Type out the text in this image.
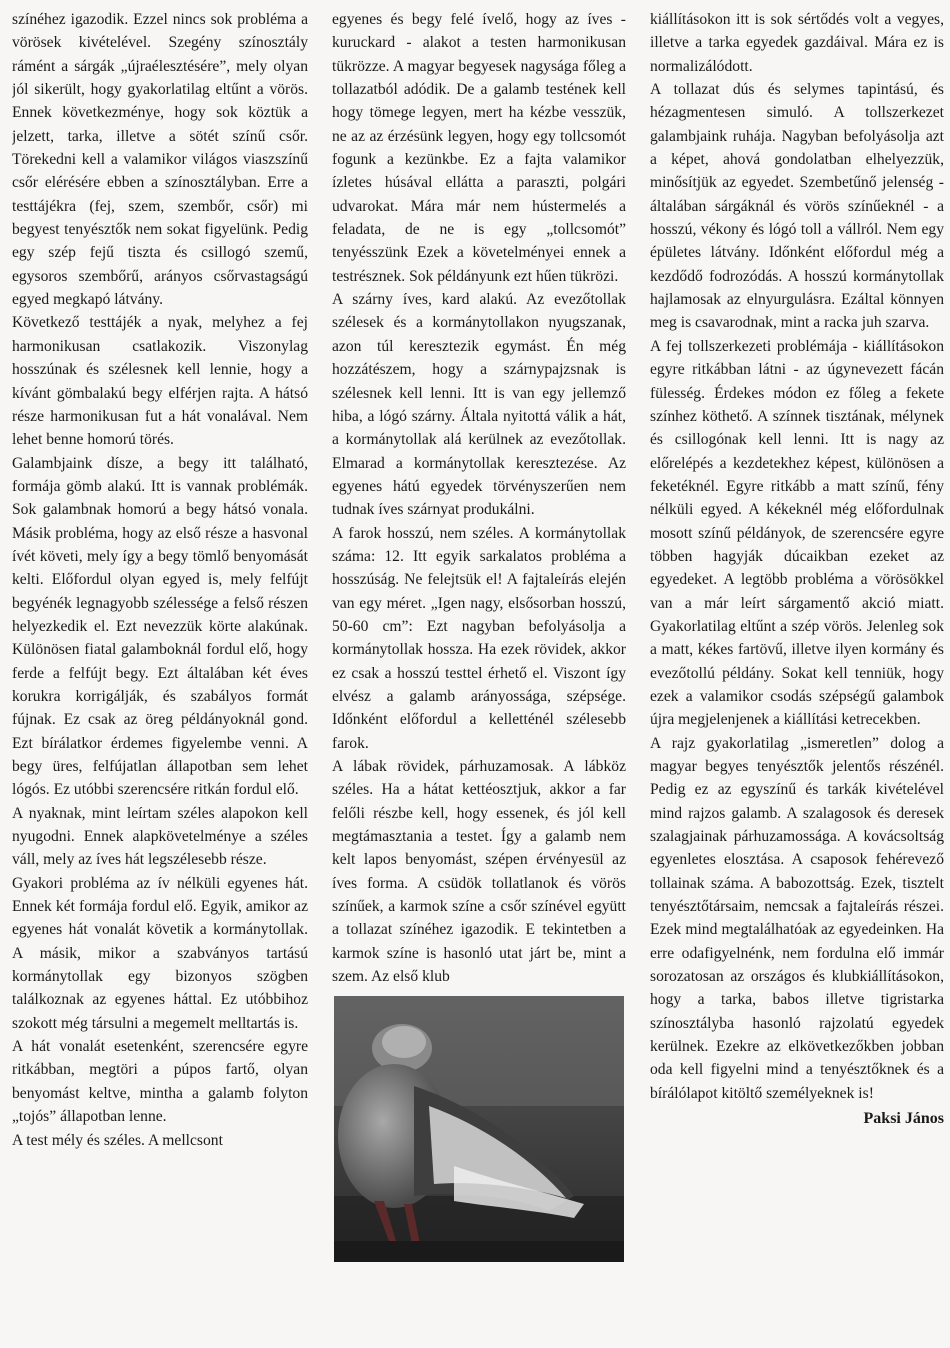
színéhez igazodik. Ezzel nincs sok probléma a vörösek kivételével. Szegény színosztály rámént a sárgák „újraélesztésére”, mely olyan jól sikerült, hogy gyakorlatilag eltűnt a vörös. Ennek következménye, hogy sok köztük a jelzett, tarka, illetve a sötét színű csőr. Törekedni kell a valamikor világos viaszszínű csőr elérésére ebben a színosztályban. Erre a testtájékra (fej, szem, szembőr, csőr) mi begyest tenyésztők nem sokat figyelünk. Pedig egy szép fejű tiszta és csillogó szemű, egysoros szembőrű, arányos csőrvastagságú egyed megkapó látvány.

Következő testtájék a nyak, melyhez a fej harmonikusan csatlakozik. Viszonylag hosszúnak és szélesnek kell lennie, hogy a kívánt gömbalakú begy elférjen rajta. A hátsó része harmonikusan fut a hát vonalával. Nem lehet benne homorú törés.

Galambjaink dísze, a begy itt található, formája gömb alakú. Itt is vannak problémák. Sok galambnak homorú a begy hátsó vonala. Másik probléma, hogy az első része a hasvonal ívét követi, mely így a begy tömlő benyomását kelti. Előfordul olyan egyed is, mely felfújt begyénék legnagyobb szélessége a felső részen helyezkedik el. Ezt nevezzük körte alakúnak. Különösen fiatal galamboknál fordul elő, hogy ferde a felfújt begy. Ezt általában két éves korukra korrigálják, és szabályos formát fújnak. Ez csak az öreg példányoknál gond. Ezt bírálatkor érdemes figyelembe venni. A begy üres, felfújatlan állapotban sem lehet lógós. Ez utóbbi szerencsére ritkán fordul elő.

A nyaknak, mint leírtam széles alapokon kell nyugodni. Ennek alapkövetelménye a széles váll, mely az íves hát legszélesebb része.

Gyakori probléma az ív nélküli egyenes hát. Ennek két formája fordul elő. Egyik, amikor az egyenes hát vonalát követik a kormánytollak. A másik, mikor a szabványos tartású kormánytollak egy bizonyos szögben találkoznak az egyenes háttal. Ez utóbbihoz szokott még társulni a megemelt melltartás is.

A hát vonalát esetenként, szerencsére egyre ritkábban, megtöri a púpos fartő, olyan benyomást keltve, mintha a galamb folyton „tojós” állapotban lenne.

A test mély és széles. A mellcsont

egyenes és begy felé ívelő, hogy az íves - kuruckard - alakot a testen harmonikusan tükrözze. A magyar begyesek nagysága főleg a tollazatból adódik. De a galamb testének kell hogy tömege legyen, mert ha kézbe vesszük, ne az az érzésünk legyen, hogy egy tollcsomót fogunk a kezünkbe. Ez a fajta valamikor ízletes húsával ellátta a paraszti, polgári udvarokat. Mára már nem hústermelés a feladata, de ne is egy „tollcsomót” tenyésszünk Ezek a követelményei ennek a testrésznek. Sok példányunk ezt hűen tükrözi.

A szárny íves, kard alakú. Az evezőtollak szélesek és a kormánytollakon nyugszanak, azon túl keresztezik egymást. Én még hozzátészem, hogy a szárnypajzsnak is szélesnek kell lenni. Itt is van egy jellemző hiba, a lógó szárny. Általa nyitottá válik a hát, a kormánytollak alá kerülnek az evezőtollak. Elmarad a kormánytollak keresztezése. Az egyenes hátú egyedek törvényszerűen nem tudnak íves szárnyat produkálni.

A farok hosszú, nem széles. A kormánytollak száma: 12. Itt egyik sarkalatos probléma a hosszúság. Ne felejtsük el! A fajtaleírás elején van egy méret. „Igen nagy, elsősorban hosszú, 50-60 cm”: Ezt nagyban befolyásolja a kormánytollak hossza. Ha ezek rövidek, akkor ez csak a hosszú testtel érhető el. Viszont így elvész a galamb arányossága, szépsége. Időnként előfordul a kelletténél szélesebb farok.

A lábak rövidek, párhuzamosak. A lábköz széles. Ha a hátat kettéosztjuk, akkor a far felőli részbe kell, hogy essenek, és jól kell megtámasztania a testet. Így a galamb nem kelt lapos benyomást, szépen érvényesül az íves forma. A csüdök tollatlanok és vörös színűek, a karmok színe a csőr színével együtt a tollazat színéhez igazodik. E tekintetben a karmok színe is hasonló utat járt be, mint a szem. Az első klub

kiállításokon itt is sok sértődés volt a vegyes, illetve a tarka egyedek gazdáival. Mára ez is normalizálódott.

A tollazat dús és selymes tapintású, és hézagmentesen simuló. A tollszerkezet galambjaink ruhája. Nagyban befolyásolja azt a képet, ahová gondolatban elhelyezzük, minősítjük az egyedet. Szembetűnő jelenség - általában sárgáknál és vörös színűeknél - a hosszú, vékony és lógó toll a vállról. Nem egy épületes látvány. Időnként előfordul még a kezdődő fodrozódás. A hosszú kormánytollak hajlamosak az elnyurgulásra. Ezáltal könnyen meg is csavarodnak, mint a racka juh szarva.

A fej tollszerkezeti problémája - kiállításokon egyre ritkábban látni - az úgynevezett fácán fülesség. Érdekes módon ez főleg a fekete színhez köthető. A színnek tisztának, mélynek és csillogónak kell lenni. Itt is nagy az előrelépés a kezdetekhez képest, különösen a feketéknél. Egyre ritkább a matt színű, fény nélküli egyed. A kékeknél még előfordulnak mosott színű példányok, de szerencsére egyre többen hagyják dúcaikban ezeket az egyedeket. A legtöbb probléma a vörösökkel van a már leírt sárgamentő akció miatt. Gyakorlatilag eltűnt a szép vörös. Jelenleg sok a matt, kékes fartövű, illetve ilyen kormány és evezőtollú példány. Sokat kell tenniük, hogy ezek a valamikor csodás szépségű galambok újra megjelenjenek a kiállítási ketrecekben.

A rajz gyakorlatilag „ismeretlen” dolog a magyar begyes tenyésztők jelentős részénél. Pedig ez az egyszínű és tarkák kivételével mind rajzos galamb. A szalagosok és deresek szalagjainak párhuzamossága. A kovácsoltság egyenletes elosztása. A csaposok fehérevező tollainak száma. A babozottság. Ezek, tisztelt tenyésztőtársaim, nemcsak a fajtaleírás részei. Ezek mind megtalálhatóak az egyedeinken. Ha erre odafigyelnénk, nem fordulna elő immár sorozatosan az országos és klubkiállításokon, hogy a tarka, babos illetve tigristarka színosztályba hasonló rajzolatú egyedek kerülnek. Ezekre az elkövetkezőkben jobban oda kell figyelni mind a tenyésztőknek és a bírálólapot kitöltő személyeknek is!

Paksi János
